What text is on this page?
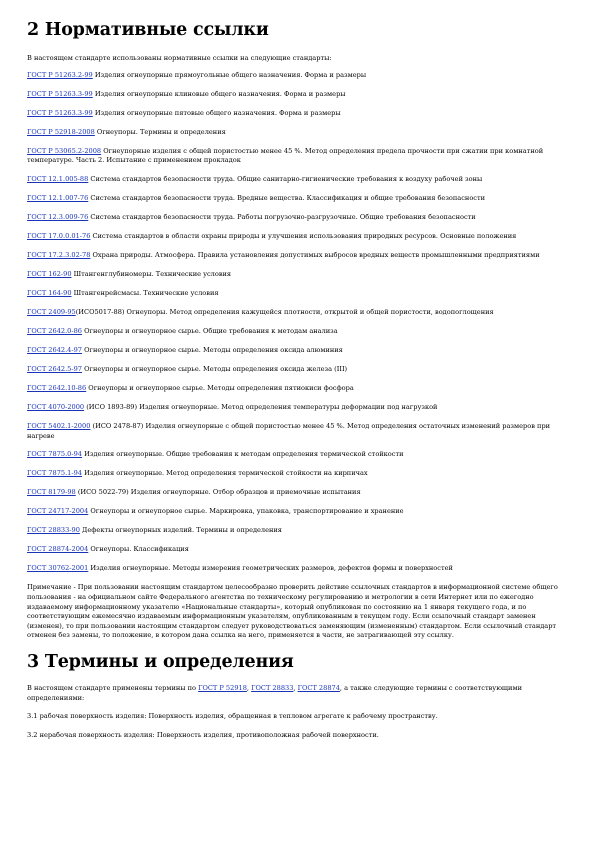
2 Нормативные ссылки

В настоящем стандарте использованы нормативные ссылки на следующие стандарты:

ГОСТ Р 51263.2-99 Изделия огнеупорные прямоугольные общего назначения. Форма и размеры

ГОСТ Р 51263.3-99 Изделия огнеупорные клиновые общего назначения. Форма и размеры

ГОСТ Р 51263.3-99 Изделия огнеупорные пятовые общего назначения. Форма и размеры

ГОСТ Р 52918-2008 Огнеупоры. Термины и определения

ГОСТ Р 53065.2-2008 Огнеупорные изделия с общей пористостью менее 45 %. Метод определения предела прочности при сжатии при комнатной температуре. Часть 2. Испытание с применением прокладок

ГОСТ 12.1.005-88 Система стандартов безопасности труда. Общие санитарно-гигиенические требования к воздуху рабочей зоны

ГОСТ 12.1.007-76 Система стандартов безопасности труда. Вредные вещества. Классификация и общие требования безопасности

ГОСТ 12.3.009-76 Система стандартов безопасности труда. Работы погрузочно-разгрузочные. Общие требования безопасности

ГОСТ 17.0.0.01-76 Система стандартов в области охраны природы и улучшения использования природных ресурсов. Основные положения

ГОСТ 17.2.3.02-78 Охрана природы. Атмосфера. Правила установления допустимых выбросов вредных веществ промышленными предприятиями

ГОСТ 162-90 Штангенглубиномеры. Технические условия

ГОСТ 164-90 Штангенрейсмасы. Технические условия

ГОСТ 2409-95(ИСО5017-88) Огнеупоры. Метод определения кажущейся плотности, открытой и общей пористости, водопоглощения

ГОСТ 2642.0-86 Огнеупоры и огнеупорное сырье. Общие требования к методам анализа

ГОСТ 2642.4-97 Огнеупоры и огнеупорное сырье. Методы определения оксида алюминия

ГОСТ 2642.5-97 Огнеупоры и огнеупорное сырье. Методы определения оксида железа (III)

ГОСТ 2642.10-86 Огнеупоры и огнеупорное сырье. Методы определения пятиокиси фосфора

ГОСТ 4070-2000 (ИСО 1893-89) Изделия огнеупорные. Метод определения температуры деформации под нагрузкой

ГОСТ 5402.1-2000 (ИСО 2478-87) Изделия огнеупорные с общей пористостью менее 45 %. Метод определения остаточных изменений размеров при нагреве

ГОСТ 7875.0-94 Изделия огнеупорные. Общие требования к методам определения термической стойкости

ГОСТ 7875.1-94 Изделия огнеупорные. Метод определения термической стойкости на кирпичах

ГОСТ 8179-98 (ИСО 5022-79) Изделия огнеупорные. Отбор образцов и приемочные испытания

ГОСТ 24717-2004 Огнеупоры и огнеупорное сырье. Маркировка, упаковка, транспортирование и хранение

ГОСТ 28833-90 Дефекты огнеупорных изделий. Термины и определения

ГОСТ 28874-2004 Огнеупоры. Классификация

ГОСТ 30762-2001 Изделия огнеупорные. Методы измерения геометрических размеров, дефектов формы и поверхностей

Примечание - При пользовании настоящим стандартом целесообразно проверить действие ссылочных стандартов в информационной системе общего пользования - на официальном сайте Федерального агентства по техническому регулированию и метрологии в сети Интернет или по ежегодно издаваемому информационному указателю «Национальные стандарты», который опубликован по состоянию на 1 января текущего года, и по соответствующим ежемесячно издаваемым информационным указателям, опубликованным в текущем году. Если ссылочный стандарт заменен (изменен), то при пользовании настоящим стандартом следует руководствоваться заменяющим (измененным) стандартом. Если ссылочный стандарт отменен без замены, то положение, в котором дана ссылка на него, применяется в части, не затрагивающей эту ссылку.

3 Термины и определения

В настоящем стандарте применены термины по ГОСТ Р 52918, ГОСТ 28833, ГОСТ 28874, а также следующие термины с соответствующими определениями:

3.1 рабочая поверхность изделия: Поверхность изделия, обращенная в тепловом агрегате к рабочему пространству.

3.2 нерабочая поверхность изделия: Поверхность изделия, противоположная рабочей поверхности.
